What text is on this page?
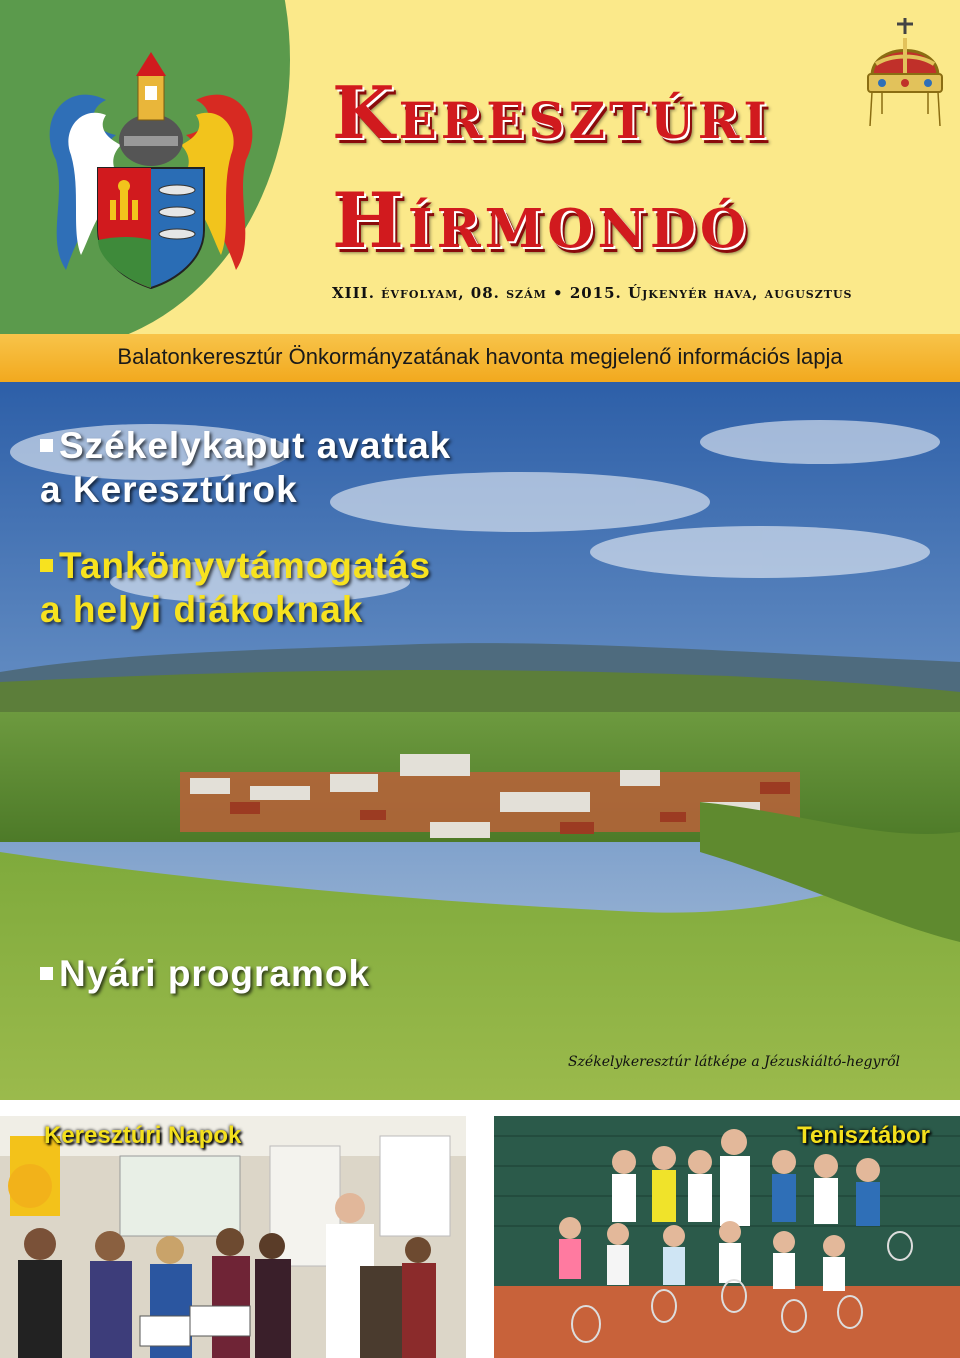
Keresztúri
Hírmondó
XIII. évfolyam, 08. szám • 2015. Újkenyér hava, augusztus
Balatonkeresztúr Önkormányzatának havonta megjelenő információs lapja
Székelykaput avattak
a Keresztúrok
Tankönyvtámogatás
a helyi diákoknak
Nyári programok
Székelykeresztúr látképe a Jézuskiáltó-hegyről
Keresztúri Napok	Tenisztábor
